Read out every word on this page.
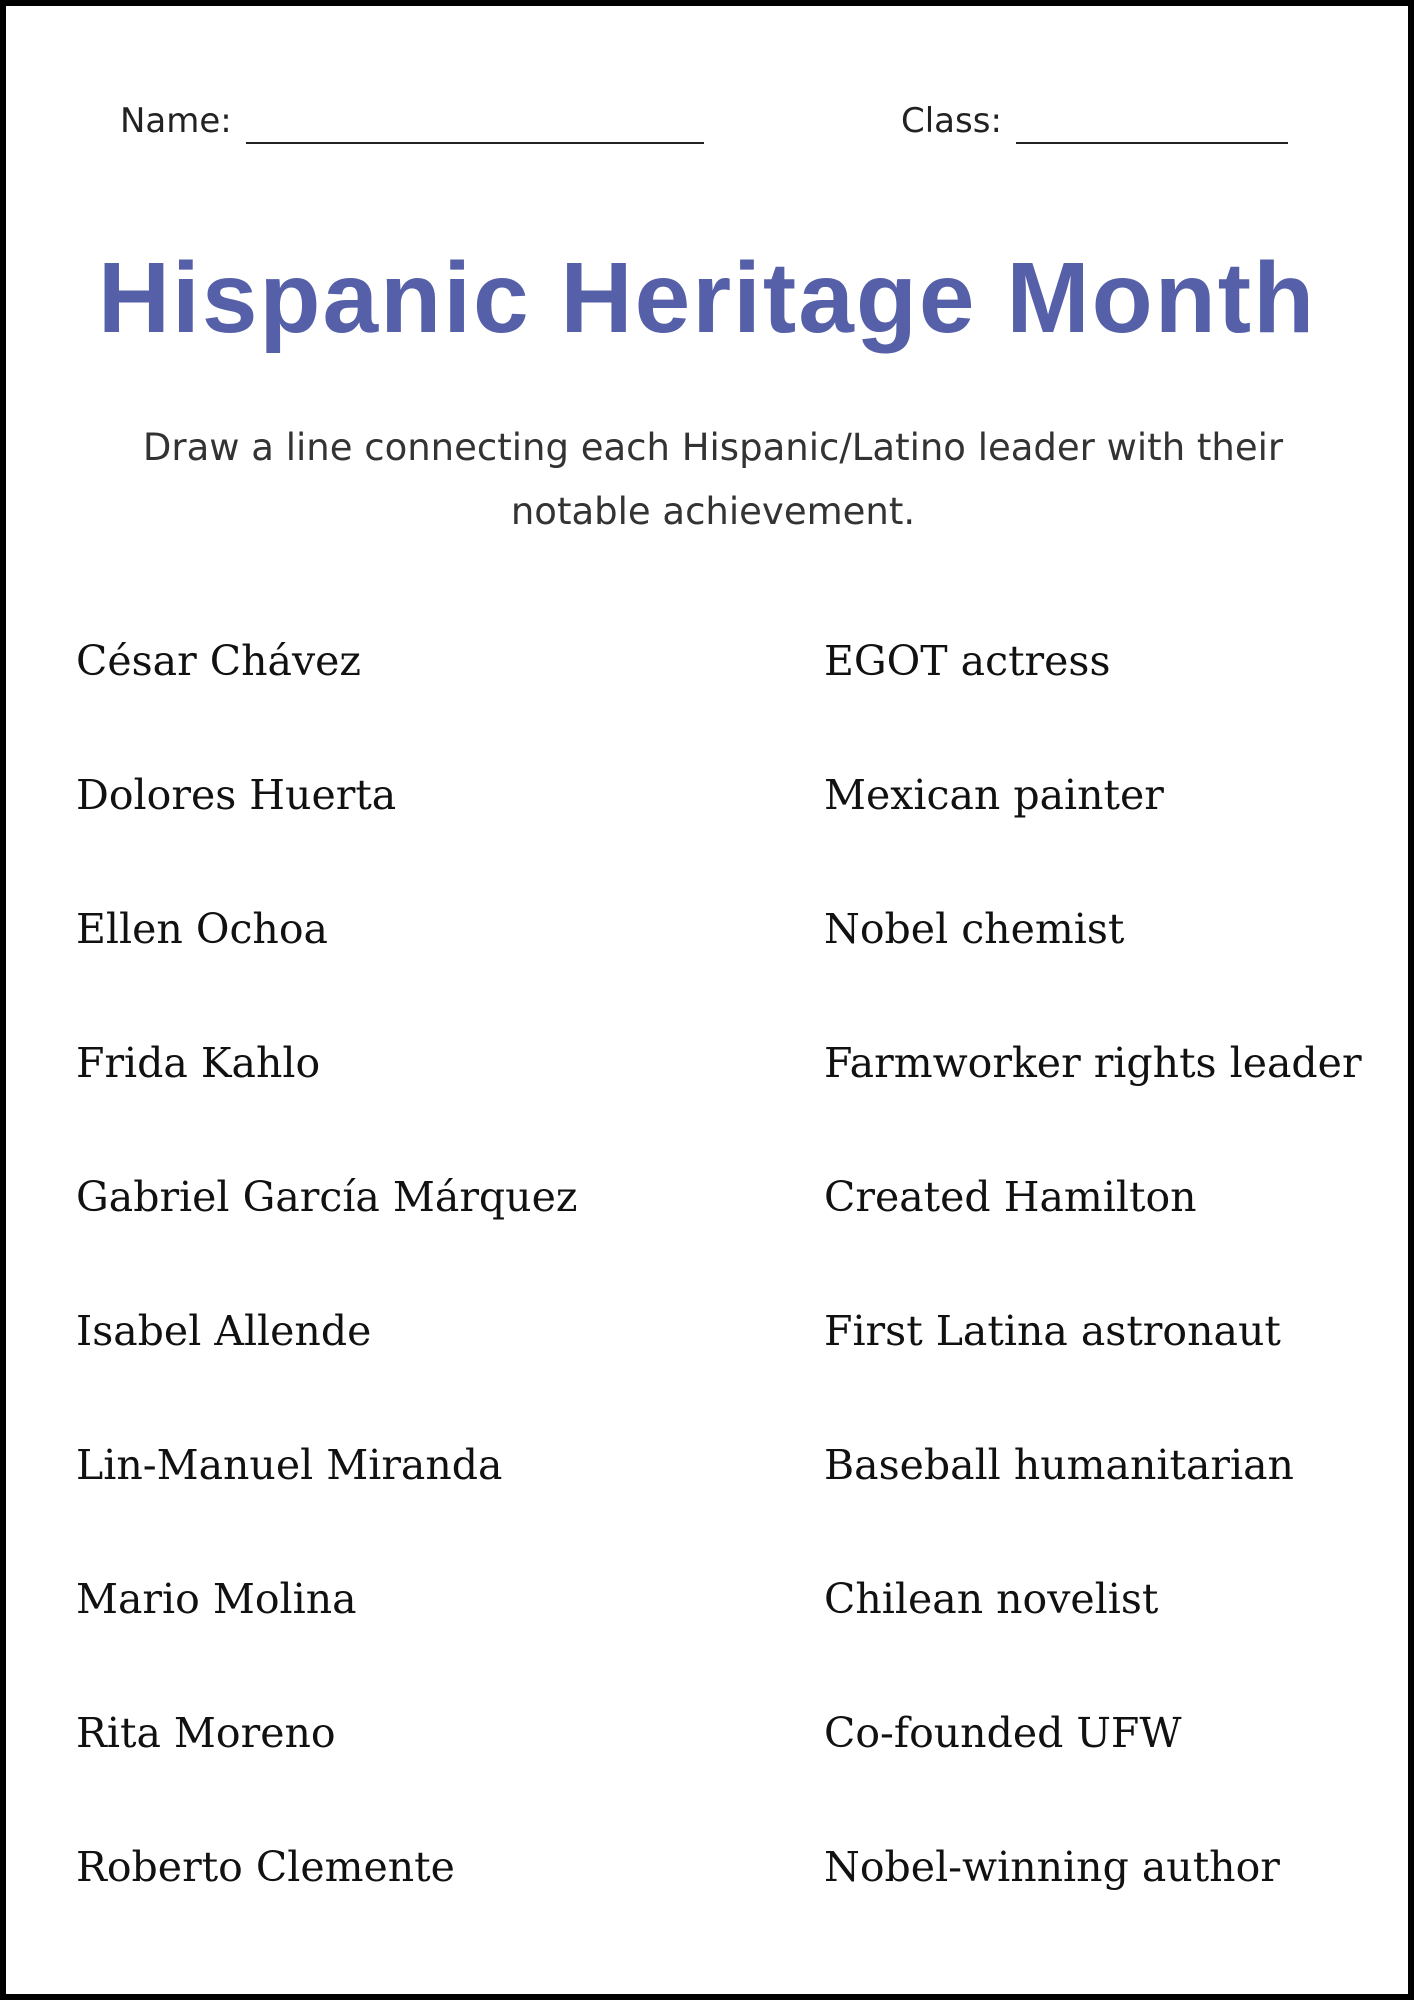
Name:	Class:
Hispanic Heritage Month

Draw a line connecting each Hispanic/Latino leader with their notable achievement.

César Chávez
Dolores Huerta
Ellen Ochoa
Frida Kahlo
Gabriel García Márquez
Isabel Allende
Lin-Manuel Miranda
Mario Molina
Rita Moreno
Roberto Clemente
EGOT actress
Mexican painter
Nobel chemist
Farmworker rights leader
Created Hamilton
First Latina astronaut
Baseball humanitarian
Chilean novelist
Co-founded UFW
Nobel-winning author
